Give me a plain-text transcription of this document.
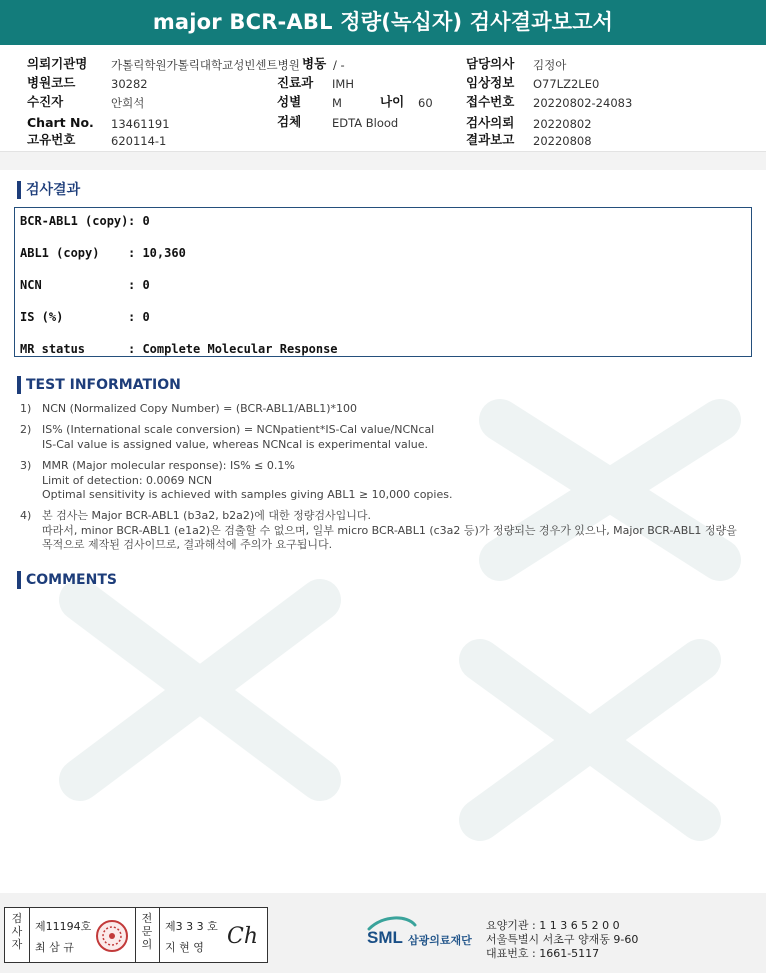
major BCR-ABL 정량(녹십자) 검사결과보고서
의뢰기관명 가톨릭학원가톨릭대학교성빈센트병원 병동 / -	담당의사 김정아
병원코드	30282	진료과 IMH	임상정보 O77LZ2LE0
수진자	안희석	성별	M	나이 60	접수번호 20220802-24083
Chart No. 13461191	검체	EDTA Blood	검사의뢰 20220802
고유번호	620114-1	결과보고 20220808
검사결과
BCR-ABL1 (copy) : 0
ABL1 (copy) : 10,360
NCN	: 0
IS (%)	: 0
MR status	: Complete Molecular Response
TEST INFORMATION
1) NCN (Normalized Copy Number) = (BCR-ABL1/ABL1)*100
2) IS% (International scale conversion) = NCNpatient*IS-Cal value/NCNcal
IS-Cal value is assigned value, whereas NCNcal is experimental value.
3) MMR (Major molecular response): IS% ≤ 0.1%
Limit of detection: 0.0069 NCN
Optimal sensitivity is achieved with samples giving ABL1 ≥ 10,000 copies.
4) 본 검사는 Major BCR-ABL1 (b3a2, b2a2)에 대한 정량검사입니다.
따라서, minor BCR-ABL1 (e1a2)은 검출할 수 없으며, 일부 micro BCR-ABL1 (c3a2 등)가 정량되는 경우가 있으나, Major BCR-ABL1 정량을
목적으로 제작된 검사이므로, 결과해석에 주의가 요구됩니다.
COMMENTS
검사자
제11194호
최 삼 규
전문의
제3 3 3 호
지 현 영 Ch	SML 삼광의료재단
요양기관 : 1 1 3 6 5 2 0 0
서울특별시 서초구 양재동 9-60
대표번호 : 1661-5117
